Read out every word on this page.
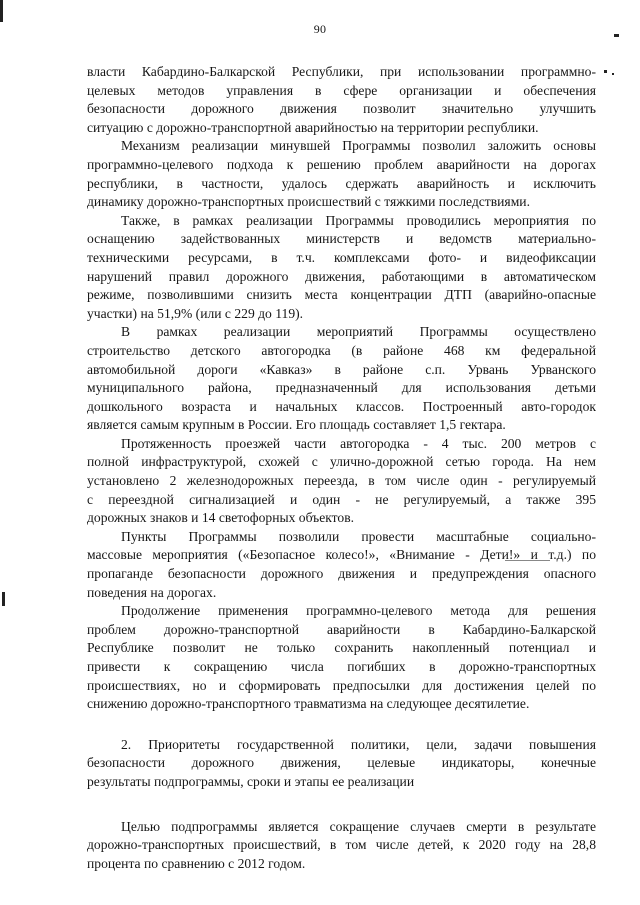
90
власти Кабардино-Балкарской Республики, при использовании программно-
целевых методов управления в сфере организации и обеспечения
безопасности дорожного движения позволит значительно улучшить
ситуацию с дорожно-транспортной аварийностью на территории республики.
Механизм реализации минувшей Программы позволил заложить основы
программно-целевого подхода к решению проблем аварийности на дорогах
республики, в частности, удалось сдержать аварийность и исключить
динамику дорожно-транспортных происшествий с тяжкими последствиями.
Также, в рамках реализации Программы проводились мероприятия по
оснащению задействованных министерств и ведомств материально-
техническими ресурсами, в т.ч. комплексами фото- и видеофиксации
нарушений правил дорожного движения, работающими в автоматическом
режиме, позволившими снизить места концентрации ДТП (аварийно-опасные
участки) на 51,9% (или с 229 до 119).
В рамках реализации мероприятий Программы осуществлено
строительство детского автогородка (в районе 468 км федеральной
автомобильной дороги «Кавказ» в районе с.п. Урвань Урванского
муниципального района, предназначенный для использования детьми
дошкольного возраста и начальных классов. Построенный авто-городок
является самым крупным в России. Его площадь составляет 1,5 гектара.
Протяженность проезжей части автогородка - 4 тыс. 200 метров с
полной инфраструктурой, схожей с улично-дорожной сетью города. На нем
установлено 2 железнодорожных переезда, в том числе один - регулируемый
с переездной сигнализацией и один - не регулируемый, а также 395
дорожных знаков и 14 светофорных объектов.
Пункты Программы позволили провести масштабные социально-
массовые мероприятия («Безопасное колесо!», «Внимание - Дети!» и т.д.) по
пропаганде безопасности дорожного движения и предупреждения опасного
поведения на дорогах.
Продолжение применения программно-целевого метода для решения
проблем дорожно-транспортной аварийности в Кабардино-Балкарской
Республике позволит не только сохранить накопленный потенциал и
привести к сокращению числа погибших в дорожно-транспортных
происшествиях, но и сформировать предпосылки для достижения целей по
снижению дорожно-транспортного травматизма на следующее десятилетие.
2. Приоритеты государственной политики, цели, задачи повышения
безопасности дорожного движения, целевые индикаторы, конечные
результаты подпрограммы, сроки и этапы ее реализации
Целью подпрограммы является сокращение случаев смерти в результате
дорожно-транспортных происшествий, в том числе детей, к 2020 году на 28,8
процента по сравнению с 2012 годом.
